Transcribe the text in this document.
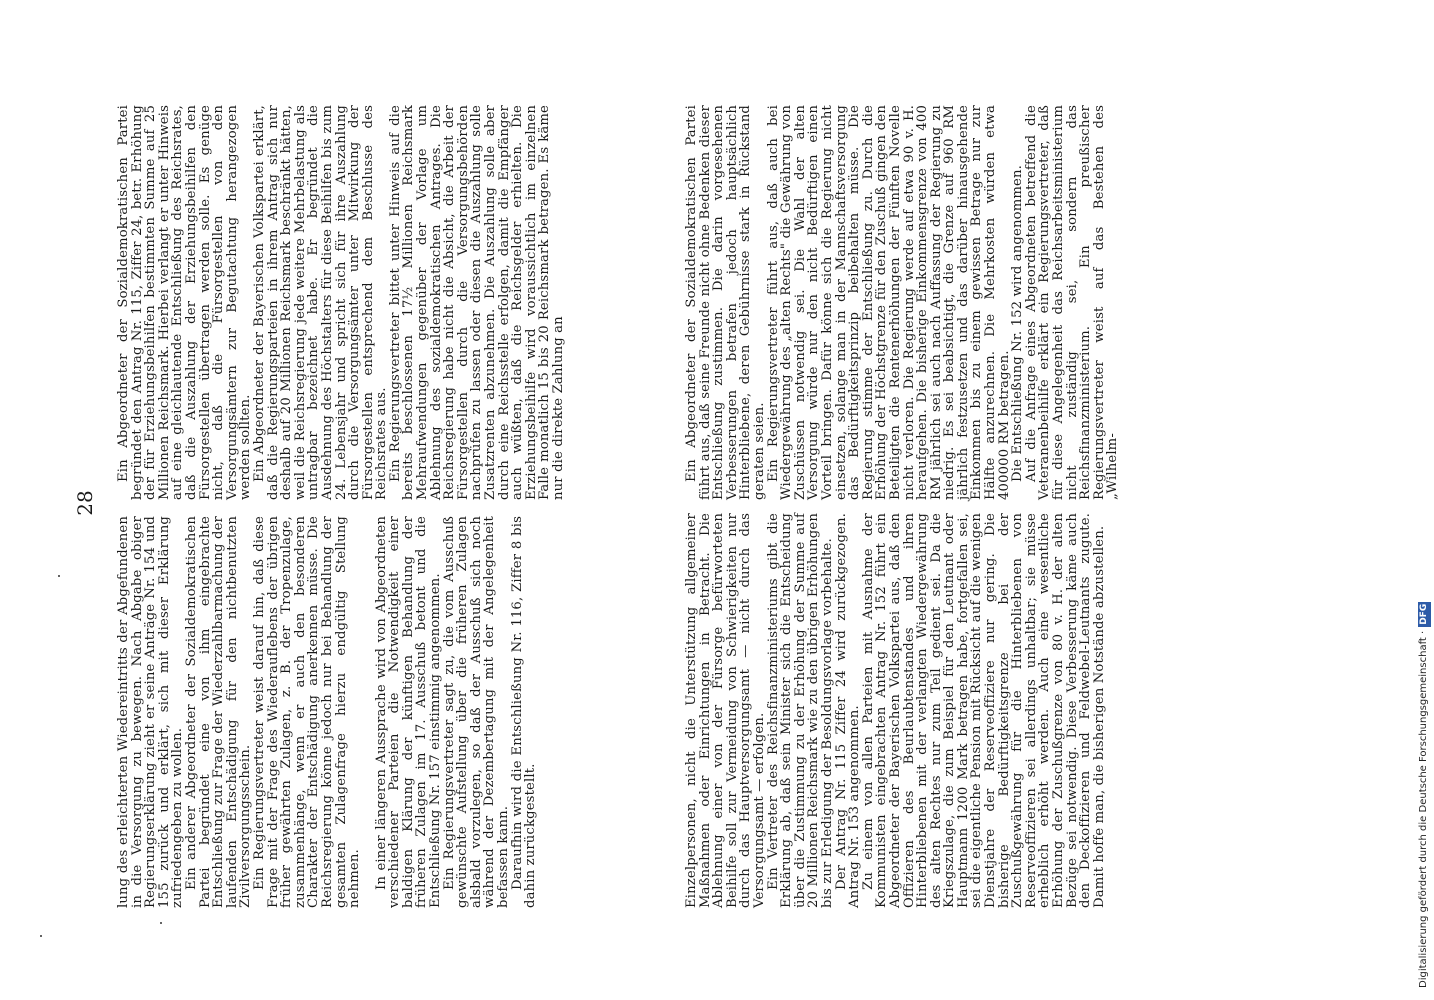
28

lung des erleichterten Wiedereintritts der Abgefundenen in die Versorgung zu bewegen. Nach Abgabe obiger Regierungserklärung zieht er seine Anträge Nr. 154 und 155 zurück und erklärt, sich mit dieser Erklärung zufriedengeben zu wollen.

Ein anderer Abgeordneter der Sozialdemokratischen Partei begründet eine von ihm eingebrachte Entschließung zur Frage der Wiederzahlbarmachung der laufenden Entschädigung für den nichtbenutzten Zivilversorgungsschein.

Ein Regierungsvertreter weist darauf hin, daß diese Frage mit der Frage des Wiederauflebens der übrigen früher gewährten Zulagen, z. B. der Tropenzulage, zusammenhänge, wenn er auch den besonderen Charakter der Entschädigung anerkennen müsse. Die Reichsregierung könne jedoch nur bei Behandlung der gesamten Zulagenfrage hierzu endgültig Stellung nehmen. In einer längeren Aussprache wird von Abgeordneten verschiedener Parteien die Notwendigkeit einer baldigen Klärung der künftigen Behandlung der früheren Zulagen im 17. Ausschuß betont und die Entschließung Nr. 157 einstimmig angenommen.

Ein Regierungsvertreter sagt zu, die vom Ausschuß gewünschte Aufstellung über die früheren Zulagen alsbald vorzulegen, so daß der Ausschuß sich noch während der Dezembertagung mit der Angelegenheit befassen kann.

Daraufhin wird die Entschließung Nr. 116, Ziffer 8 bis dahin zurückgestellt.

Ein Abgeordneter der Sozialdemokratischen Partei begründet den Antrag Nr. 115, Ziffer 24, betr. Erhöhung der für Erziehungsbeihilfen bestimmten Summe auf 25 Millionen Reichsmark. Hierbei verlangt er unter Hinweis auf eine gleichlautende Entschließung des Reichsrates, daß die Auszahlung der Erziehungsbeihilfen den Fürsorgestellen übertragen werden solle. Es genüge nicht, daß die Fürsorgestellen von den Versorgungsämtern zur Begutachtung herangezogen werden sollten.

Ein Abgeordneter der Bayerischen Volkspartei erklärt, daß die Regierungsparteien in ihrem Antrag sich nur deshalb auf 20 Millionen Reichsmark beschränkt hätten, weil die Reichsregierung jede weitere Mehrbelastung als untragbar bezeichnet habe. Er begründet die Ausdehnung des Höchstalters für diese Beihilfen bis zum 24. Lebensjahr und spricht sich für ihre Auszahlung durch die Versorgungsämter unter Mitwirkung der Fürsorgestellen entsprechend dem Beschlusse des Reichsrates aus.

Ein Regierungsvertreter bittet unter Hinweis auf die bereits beschlossenen 17½ Millionen Reichsmark Mehraufwendungen gegenüber der Vorlage um Ablehnung des sozialdemokratischen Antrages. Die Reichsregierung habe nicht die Absicht, die Arbeit der Fürsorgestellen durch die Versorgungsbehörden nachprüfen zu lassen oder diesen die Auszahlung solle Zusatzrenten abzunehmen. Die Auszahlung solle aber durch eine Reichsstelle erfolgen, damit die Empfänger auch wüßten, daß die Reichsgelder erhielten. Die Erziehungsbeihilfe wird voraussichtlich im einzelnen Falle monatlich 15 bis 20 Reichsmark betragen. Es käme nur die direkte Zahlung an

Einzelpersonen, nicht die Unterstützung allgemeiner Maßnahmen oder Einrichtungen in Betracht. Die Ablehnung einer von der Fürsorge befürworteten Beihilfe soll zur Vermeidung von Schwierigkeiten nur durch das Hauptversorgungsamt — nicht durch das Versorgungsamt — erfolgen.

Ein Vertreter des Reichsfinanzministeriums gibt die Erklärung ab, daß sein Minister sich die Entscheidung über die Zustimmung zu der Erhöhung der Summe auf 20 Millionen Reichsmark wie zu den übrigen Erhöhungen bis zur Erledigung der Besoldungsvorlage vorbehalte.

Der Antrag Nr. 115 Ziffer 24 wird zurückgezogen. Antrag Nr. 153 angenommen.

Zu einem von allen Parteien mit Ausnahme der Kommunisten eingebrachten Antrag Nr. 152 führt ein Abgeordneter der Bayerischen Volkspartei aus, daß den Offizieren des Beurlaubtenstandes und ihren Hinterbliebenen mit der verlangten Wiedergewährung des alten Rechtes nur zum Teil gedient sei. Da die Kriegszulage, die zum Beispiel für den Leutnant oder Hauptmann 1200 Mark betragen habe, fortgefallen sei, sei die eigentliche Pension mit Rücksicht auf die wenigen Dienstjahre der Reserveoffiziere nur gering. Die bisherige Bedürftigkeitsgrenze bei der Zuschußgewährung für die Hinterbliebenen von Reserveoffizieren sei allerdings unhaltbar; sie müsse erheblich erhöht werden. Auch eine wesentliche Erhöhung der Zuschußgrenze von 80 v. H. der alten Bezüge sei notwendig. Diese Verbesserung käme auch den Deckoffizieren und Feldwebel-Leutnants zugute. Damit hoffe man, die bisherigen Notstände abzustellen.

Ein Abgeordneter der Sozialdemokratischen Partei führt aus, daß seine Freunde nicht ohne Bedenken dieser Entschließung zustimmen. Die darin vorgesehenen Verbesserungen betrafen jedoch hauptsächlich Hinterbliebene, deren Gebührnisse stark in Rückstand geraten seien.

Ein Regierungsvertreter führt aus, daß auch bei Wiedergewährung des „alten Rechts" die Gewährung von Zuschüssen notwendig sei. Die Wahl der alten Versorgung würde nur den nicht Bedürftigen einen Vorteil bringen. Dafür könne sich die Regierung nicht einsetzen, solange man in der Mannschaftsversorgung das Bedürftigkeitsprinzip beibehalten müsse. Die Regierung stimme der Entschließung zu. Durch die Erhöhung der Höchstgrenze für den Zuschuß gingen den Beteiligten die Rentenerhöhungen der Fünften Novelle nicht verloren. Die Regierung werde auf etwa 90 v. H. heraufgehen. Die bisherige Einkommensgrenze von 400 RM jährlich sei auch nach Auffassung der Regierung zu niedrig. Es sei beabsichtigt, die Grenze auf 960 RM jährlich festzusetzen und das darüber hinausgehende Einkommen bis zu einem gewissen Betrage nur zur Hälfte anzurechnen. Die Mehrkosten würden etwa 400000 RM betragen.

Die Entschließung Nr. 152 wird angenommen.

Auf die Anfrage eines Abgeordneten betreffend die Veteranenbeihilfe erklärt ein Regierungsvertreter, daß für diese Angelegenheit das Reichsarbeitsministerium nicht zuständig sei, sondern das Reichsfinanzministerium. Ein preußischer Regierungsvertreter weist auf das Bestehen des „Wilhelm-

Digitalisierung gefördert durch die Deutsche Forschungsgemeinschaft ·DFG
